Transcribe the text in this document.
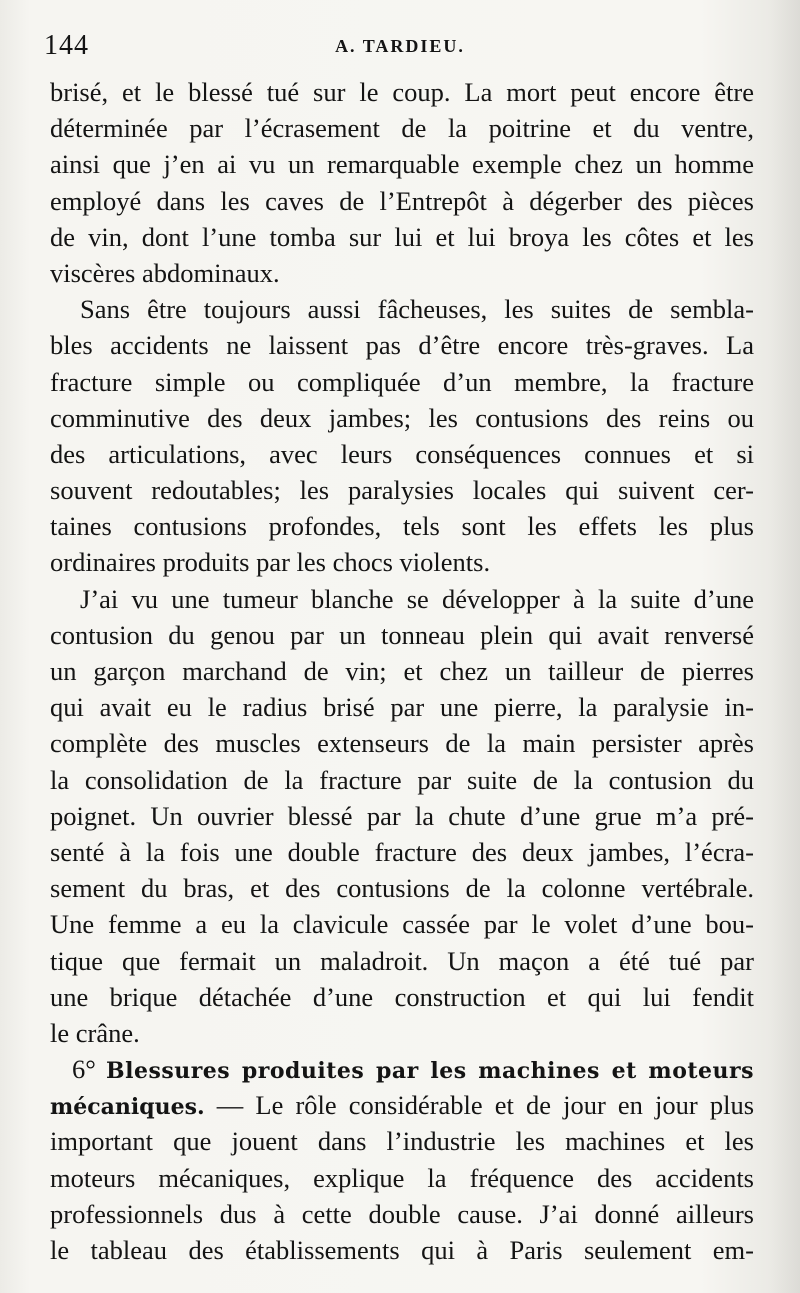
144	A. TARDIEU.
brisé, et le blessé tué sur le coup. La mort peut encore être
déterminée par l’écrasement de la poitrine et du ventre,
ainsi que j’en ai vu un remarquable exemple chez un homme
employé dans les caves de l’Entrepôt à dégerber des pièces
de vin, dont l’une tomba sur lui et lui broya les côtes et les
viscères abdominaux.
Sans être toujours aussi fâcheuses, les suites de sembla-
bles accidents ne laissent pas d’être encore très-graves. La
fracture simple ou compliquée d’un membre, la fracture
comminutive des deux jambes; les contusions des reins ou
des articulations, avec leurs conséquences connues et si
souvent redoutables; les paralysies locales qui suivent cer-
taines contusions profondes, tels sont les effets les plus
ordinaires produits par les chocs violents.
J’ai vu une tumeur blanche se développer à la suite d’une
contusion du genou par un tonneau plein qui avait renversé
un garçon marchand de vin; et chez un tailleur de pierres
qui avait eu le radius brisé par une pierre, la paralysie in-
complète des muscles extenseurs de la main persister après
la consolidation de la fracture par suite de la contusion du
poignet. Un ouvrier blessé par la chute d’une grue m’a pré-
senté à la fois une double fracture des deux jambes, l’écra-
sement du bras, et des contusions de la colonne vertébrale.
Une femme a eu la clavicule cassée par le volet d’une bou-
tique que fermait un maladroit. Un maçon a été tué par
une brique détachée d’une construction et qui lui fendit
le crâne.
6° Blessures produites par les machines et moteurs
mécaniques. — Le rôle considérable et de jour en jour plus
important que jouent dans l’industrie les machines et les
moteurs mécaniques, explique la fréquence des accidents
professionnels dus à cette double cause. J’ai donné ailleurs
le tableau des établissements qui à Paris seulement em-
